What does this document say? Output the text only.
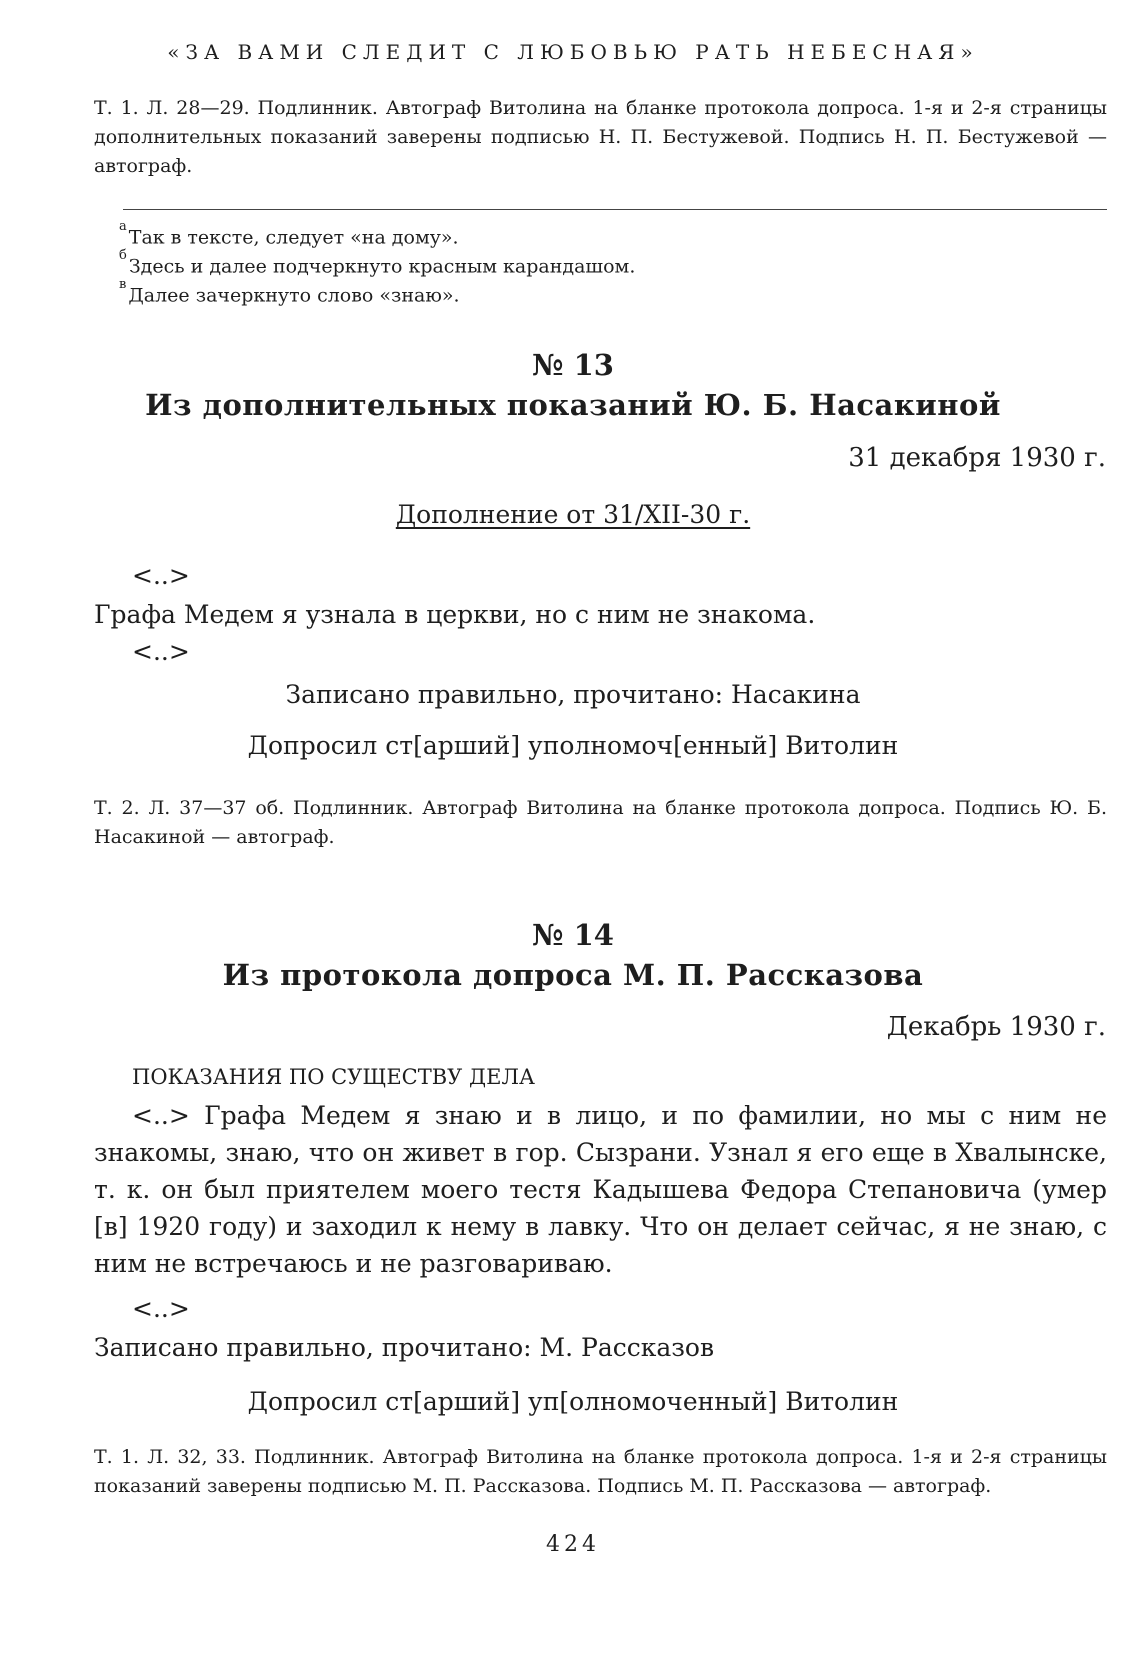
«ЗА ВАМИ СЛЕДИТ С ЛЮБОВЬЮ РАТЬ НЕБЕСНАЯ»

Т. 1. Л. 28—29. Подлинник. Автограф Витолина на бланке протокола допроса. 1-я и 2-я страницы дополнительных показаний заверены подписью Н. П. Бестужевой. Подпись Н. П. Бестужевой — автограф.

$^а$ Так в тексте, следует «на дому».
$^б$ Здесь и далее подчеркнуто красным карандашом.
$^в$ Далее зачеркнуто слово «знаю».
№ 13
Из дополнительных показаний Ю. Б. Насакиной
31 декабря 1930 г.
Дополнение от 31/XII-30 г.
<..>
Графа Медем я узнала в церкви, но с ним не знакома.
<..>
Записано правильно, прочитано: Насакина
Допросил ст[арший] уполномоч[енный] Витолин

Т. 2. Л. 37—37 об. Подлинник. Автограф Витолина на бланке протокола допроса. Подпись Ю. Б. Насакиной — автограф.

№ 14
Из протокола допроса М. П. Рассказова
Декабрь 1930 г.
ПОКАЗАНИЯ ПО СУЩЕСТВУ ДЕЛА

<..> Графа Медем я знаю и в лицо, и по фамилии, но мы с ним не знакомы, знаю, что он живет в гор. Сызрани. Узнал я его еще в Хвалынске, т. к. он был приятелем моего тестя Кадышева Федора Степановича (умер [в] 1920 году) и заходил к нему в лавку. Что он делает сейчас, я не знаю, с ним не встречаюсь и не разговариваю.

<..>
Записано правильно, прочитано: М. Рассказов
Допросил ст[арший] уп[олномоченный] Витолин

Т. 1. Л. 32, 33. Подлинник. Автограф Витолина на бланке протокола допроса. 1-я и 2-я страницы показаний заверены подписью М. П. Рассказова. Подпись М. П. Рассказова — автограф.

424
